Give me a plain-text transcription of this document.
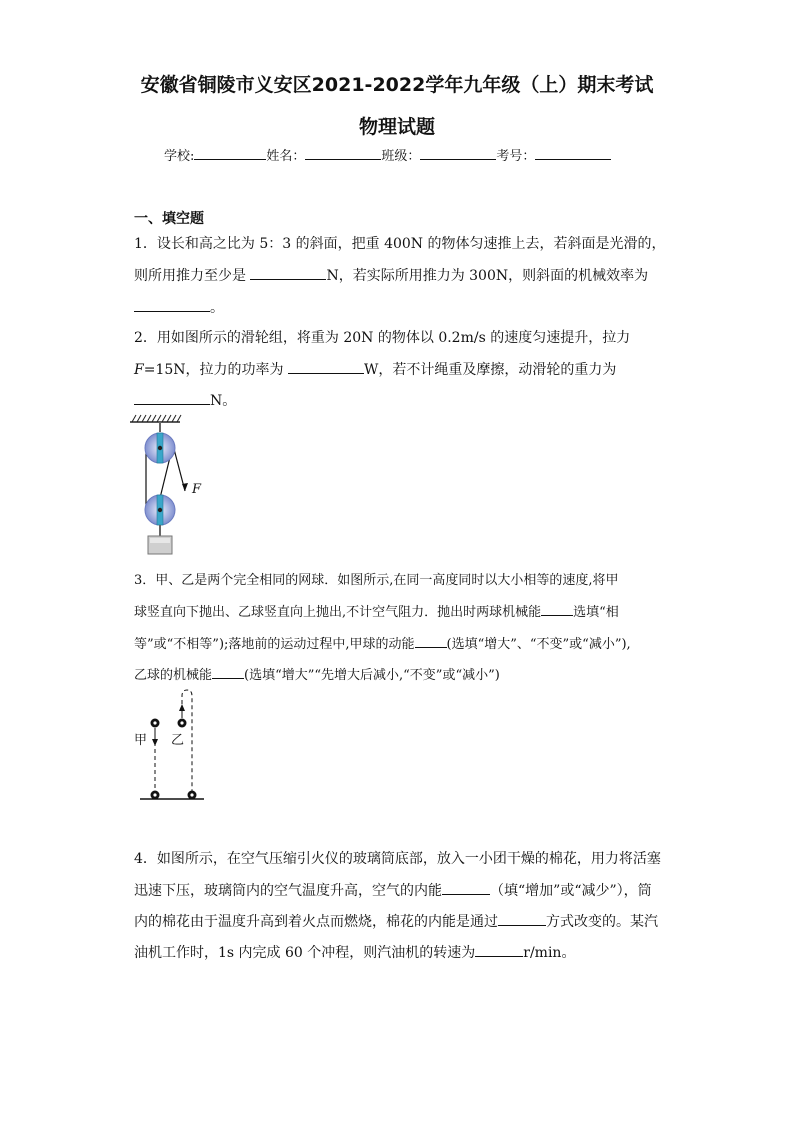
安徽省铜陵市义安区2021-2022学年九年级（上）期末考试
物理试题
学校:	姓名：	班级：	考号：
一、填空题
1．设长和高之比为 5：3 的斜面，把重 400N 的物体匀速推上去，若斜面是光滑的，
则所用推力至少是	N，若实际所用推力为 300N，则斜面的机械效率为
。
2．用如图所示的滑轮组，将重为 20N 的物体以 0.2m/s 的速度匀速提升，拉力
F=15N，拉力的功率为	W，若不计绳重及摩擦，动滑轮的重力为
N。
F
3．甲、乙是两个完全相同的网球．如图所示,在同一高度同时以大小相等的速度,将甲
球竖直向下抛出、乙球竖直向上抛出,不计空气阻力．抛出时两球机械能 选填“相
等”或“不相等”);落地前的运动过程中,甲球的动能 (选填“增大”、“不变”或“减小”),
乙球的机械能 (选填“增大”“先增大后减小,“不变”或“减小”)
甲 乙
4．如图所示，在空气压缩引火仪的玻璃筒底部，放入一小团干燥的棉花，用力将活塞
迅速下压，玻璃筒内的空气温度升高，空气的内能	（填“增加”或“减少”），筒
内的棉花由于温度升高到着火点而燃烧，棉花的内能是通过	方式改变的。某汽
油机工作时，1s 内完成 60 个冲程，则汽油机的转速为	r/min。
